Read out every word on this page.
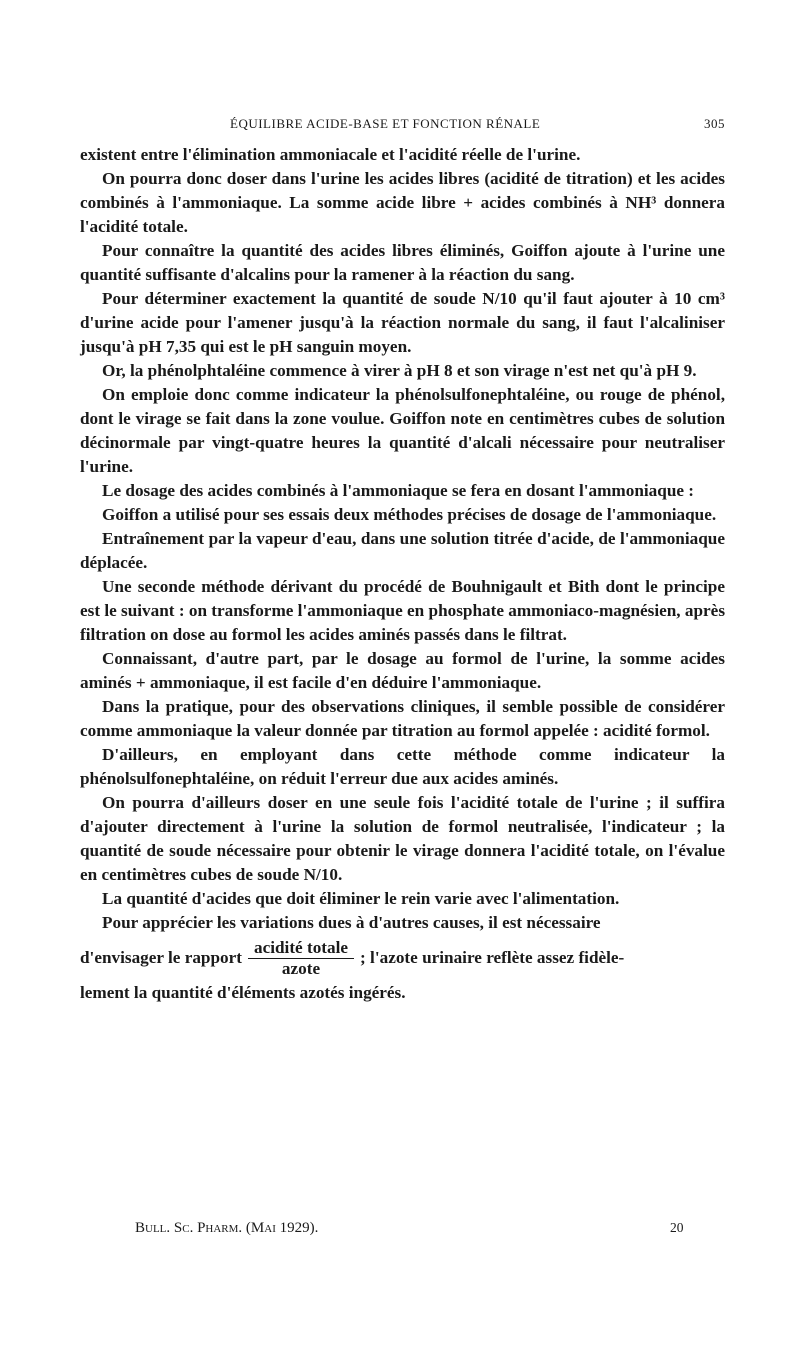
ÉQUILIBRE ACIDE-BASE ET FONCTION RÉNALE	305

existent entre l'élimination ammoniacale et l'acidité réelle de l'urine.

On pourra donc doser dans l'urine les acides libres (acidité de titration) et les acides combinés à l'ammoniaque. La somme acide libre + acides combinés à NH³ donnera l'acidité totale.

Pour connaître la quantité des acides libres éliminés, Goiffon ajoute à l'urine une quantité suffisante d'alcalins pour la ramener à la réaction du sang.

Pour déterminer exactement la quantité de soude N/10 qu'il faut ajouter à 10 cm³ d'urine acide pour l'amener jusqu'à la réaction normale du sang, il faut l'alcaliniser jusqu'à pH 7,35 qui est le pH sanguin moyen.

Or, la phénolphtaléine commence à virer à pH 8 et son virage n'est net qu'à pH 9.

On emploie donc comme indicateur la phénolsulfonephtaléine, ou rouge de phénol, dont le virage se fait dans la zone voulue. Goiffon note en centimètres cubes de solution décinormale par vingt-quatre heures la quantité d'alcali nécessaire pour neutraliser l'urine.

Le dosage des acides combinés à l'ammoniaque se fera en dosant l'ammoniaque :

Goiffon a utilisé pour ses essais deux méthodes précises de dosage de l'ammoniaque.

Entraînement par la vapeur d'eau, dans une solution titrée d'acide, de l'ammoniaque déplacée.

Une seconde méthode dérivant du procédé de Bouhnigault et Bith dont le principe est le suivant : on transforme l'ammoniaque en phosphate ammoniaco-magnésien, après filtration on dose au formol les acides aminés passés dans le filtrat.

Connaissant, d'autre part, par le dosage au formol de l'urine, la somme acides aminés + ammoniaque, il est facile d'en déduire l'ammoniaque.

Dans la pratique, pour des observations cliniques, il semble possible de considérer comme ammoniaque la valeur donnée par titration au formol appelée : acidité formol.

D'ailleurs, en employant dans cette méthode comme indicateur la phénolsulfonephtaléine, on réduit l'erreur due aux acides aminés.

On pourra d'ailleurs doser en une seule fois l'acidité totale de l'urine ; il suffira d'ajouter directement à l'urine la solution de formol neutralisée, l'indicateur ; la quantité de soude nécessaire pour obtenir le virage donnera l'acidité totale, on l'évalue en centimètres cubes de soude N/10.

La quantité d'acides que doit éliminer le rein varie avec l'alimentation.

Pour apprécier les variations dues à d'autres causes, il est nécessaire

d'envisager le rapport $\frac{\text{acidité totale}}{\text{azote}}$ ; l'azote urinaire reflète assez fidèle-

lement la quantité d'éléments azotés ingérés.

Bull. Sc. Pharm. (Mai 1929).	20
